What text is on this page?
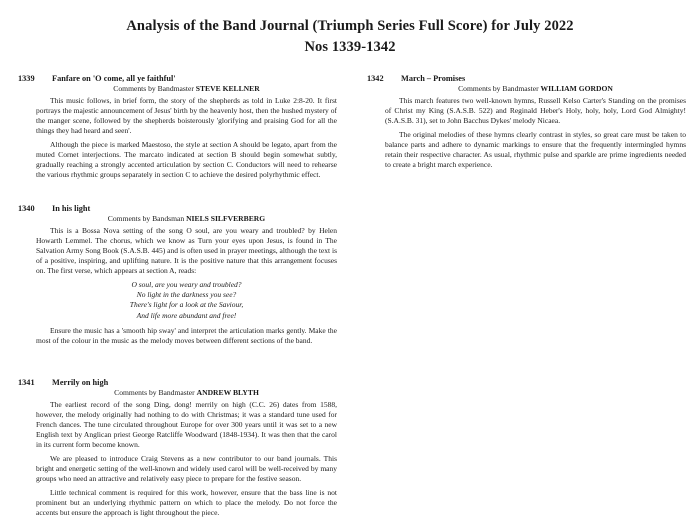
Analysis of the Band Journal (Triumph Series Full Score) for July 2022
Nos 1339-1342
1339	Fanfare on 'O come, all ye faithful'
Comments by Bandmaster STEVE KELLNER

This music follows, in brief form, the story of the shepherds as told in Luke 2:8-20. It first portrays the majestic announcement of Jesus' birth by the heavenly host, then the hushed mystery of the manger scene, followed by the shepherds boisterously 'glorifying and praising God for all the things they had heard and seen'.

Although the piece is marked Maestoso, the style at section A should be legato, apart from the muted Cornet interjections. The marcato indicated at section B should begin somewhat subtly, gradually reaching a strongly accented articulation by section C. Conductors will need to rehearse the various rhythmic groups separately in section C to achieve the desired polyrhythmic effect.

1340	In his light
Comments by Bandsman NIELS SILFVERBERG

This is a Bossa Nova setting of the song O soul, are you weary and troubled? by Helen Howarth Lemmel. The chorus, which we know as Turn your eyes upon Jesus, is found in The Salvation Army Song Book (S.A.S.B. 445) and is often used in prayer meetings, although the text is of a positive, inspiring, and uplifting nature. It is the positive nature that this arrangement focuses on. The first verse, which appears at section A, reads:

O soul, are you weary and troubled?
No light in the darkness you see?
There's light for a look at the Saviour,
And life more abundant and free!

Ensure the music has a 'smooth hip sway' and interpret the articulation marks gently. Make the most of the colour in the music as the melody moves between different sections of the band.

1341	Merrily on high
Comments by Bandmaster ANDREW BLYTH

The earliest record of the song Ding, dong! merrily on high (C.C. 26) dates from 1588, however, the melody originally had nothing to do with Christmas; it was a standard tune used for French dances. The tune circulated throughout Europe for over 300 years until it was set to a new English text by Anglican priest George Ratcliffe Woodward (1848-1934). It was then that the carol in its current form become known.

We are pleased to introduce Craig Stevens as a new contributor to our band journals. This bright and energetic setting of the well-known and widely used carol will be well-received by many groups who need an attractive and relatively easy piece to prepare for the festive season.

Little technical comment is required for this work, however, ensure that the bass line is not prominent but an underlying rhythmic pattern on which to place the melody. Do not force the accents but ensure the approach is light throughout the piece.

1342	March – Promises
Comments by Bandmaster WILLIAM GORDON

This march features two well-known hymns, Russell Kelso Carter's Standing on the promises of Christ my King (S.A.S.B. 522) and Reginald Heber's Holy, holy, holy, Lord God Almighty! (S.A.S.B. 31), set to John Bacchus Dykes' melody Nicaea.

The original melodies of these hymns clearly contrast in styles, so great care must be taken to balance parts and adhere to dynamic markings to ensure that the frequently intermingled hymns retain their respective character. As usual, rhythmic pulse and sparkle are prime ingredients needed to create a bright march experience.
